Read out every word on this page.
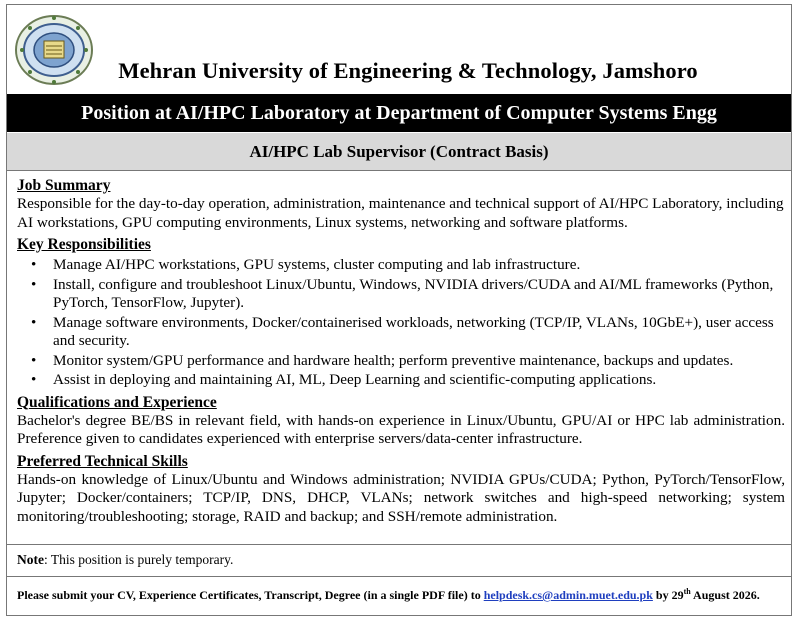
Mehran University of Engineering & Technology, Jamshoro
Position at AI/HPC Laboratory at Department of Computer Systems Engg
AI/HPC Lab Supervisor (Contract Basis)
Job Summary

Responsible for the day-to-day operation, administration, maintenance and technical support of AI/HPC Laboratory, including AI workstations, GPU computing environments, Linux systems, networking and software platforms.

Key Responsibilities
• Manage AI/HPC workstations, GPU systems, cluster computing and lab infrastructure.
• Install, configure and troubleshoot Linux/Ubuntu, Windows, NVIDIA drivers/CUDA and AI/ML frameworks (Python, PyTorch, TensorFlow, Jupyter).
• Manage software environments, Docker/containerised workloads, networking (TCP/IP, VLANs, 10GbE+), user access and security.
• Monitor system/GPU performance and hardware health; perform preventive maintenance, backups and updates.
• Assist in deploying and maintaining AI, ML, Deep Learning and scientific-computing applications.
Qualifications and Experience

Bachelor's degree BE/BS in relevant field, with hands-on experience in Linux/Ubuntu, GPU/AI or HPC lab administration. Preference given to candidates experienced with enterprise servers/data-center infrastructure.

Preferred Technical Skills

Hands-on knowledge of Linux/Ubuntu and Windows administration; NVIDIA GPUs/CUDA; Python, PyTorch/TensorFlow, Jupyter; Docker/containers; TCP/IP, DNS, DHCP, VLANs; network switches and high-speed networking; system monitoring/troubleshooting; storage, RAID and backup; and SSH/remote administration.

Note: This position is purely temporary.
Please submit your CV, Experience Certificates, Transcript, Degree (in a single PDF file) to helpdesk.cs@admin.muet.edu.pk by 29th August 2026.
